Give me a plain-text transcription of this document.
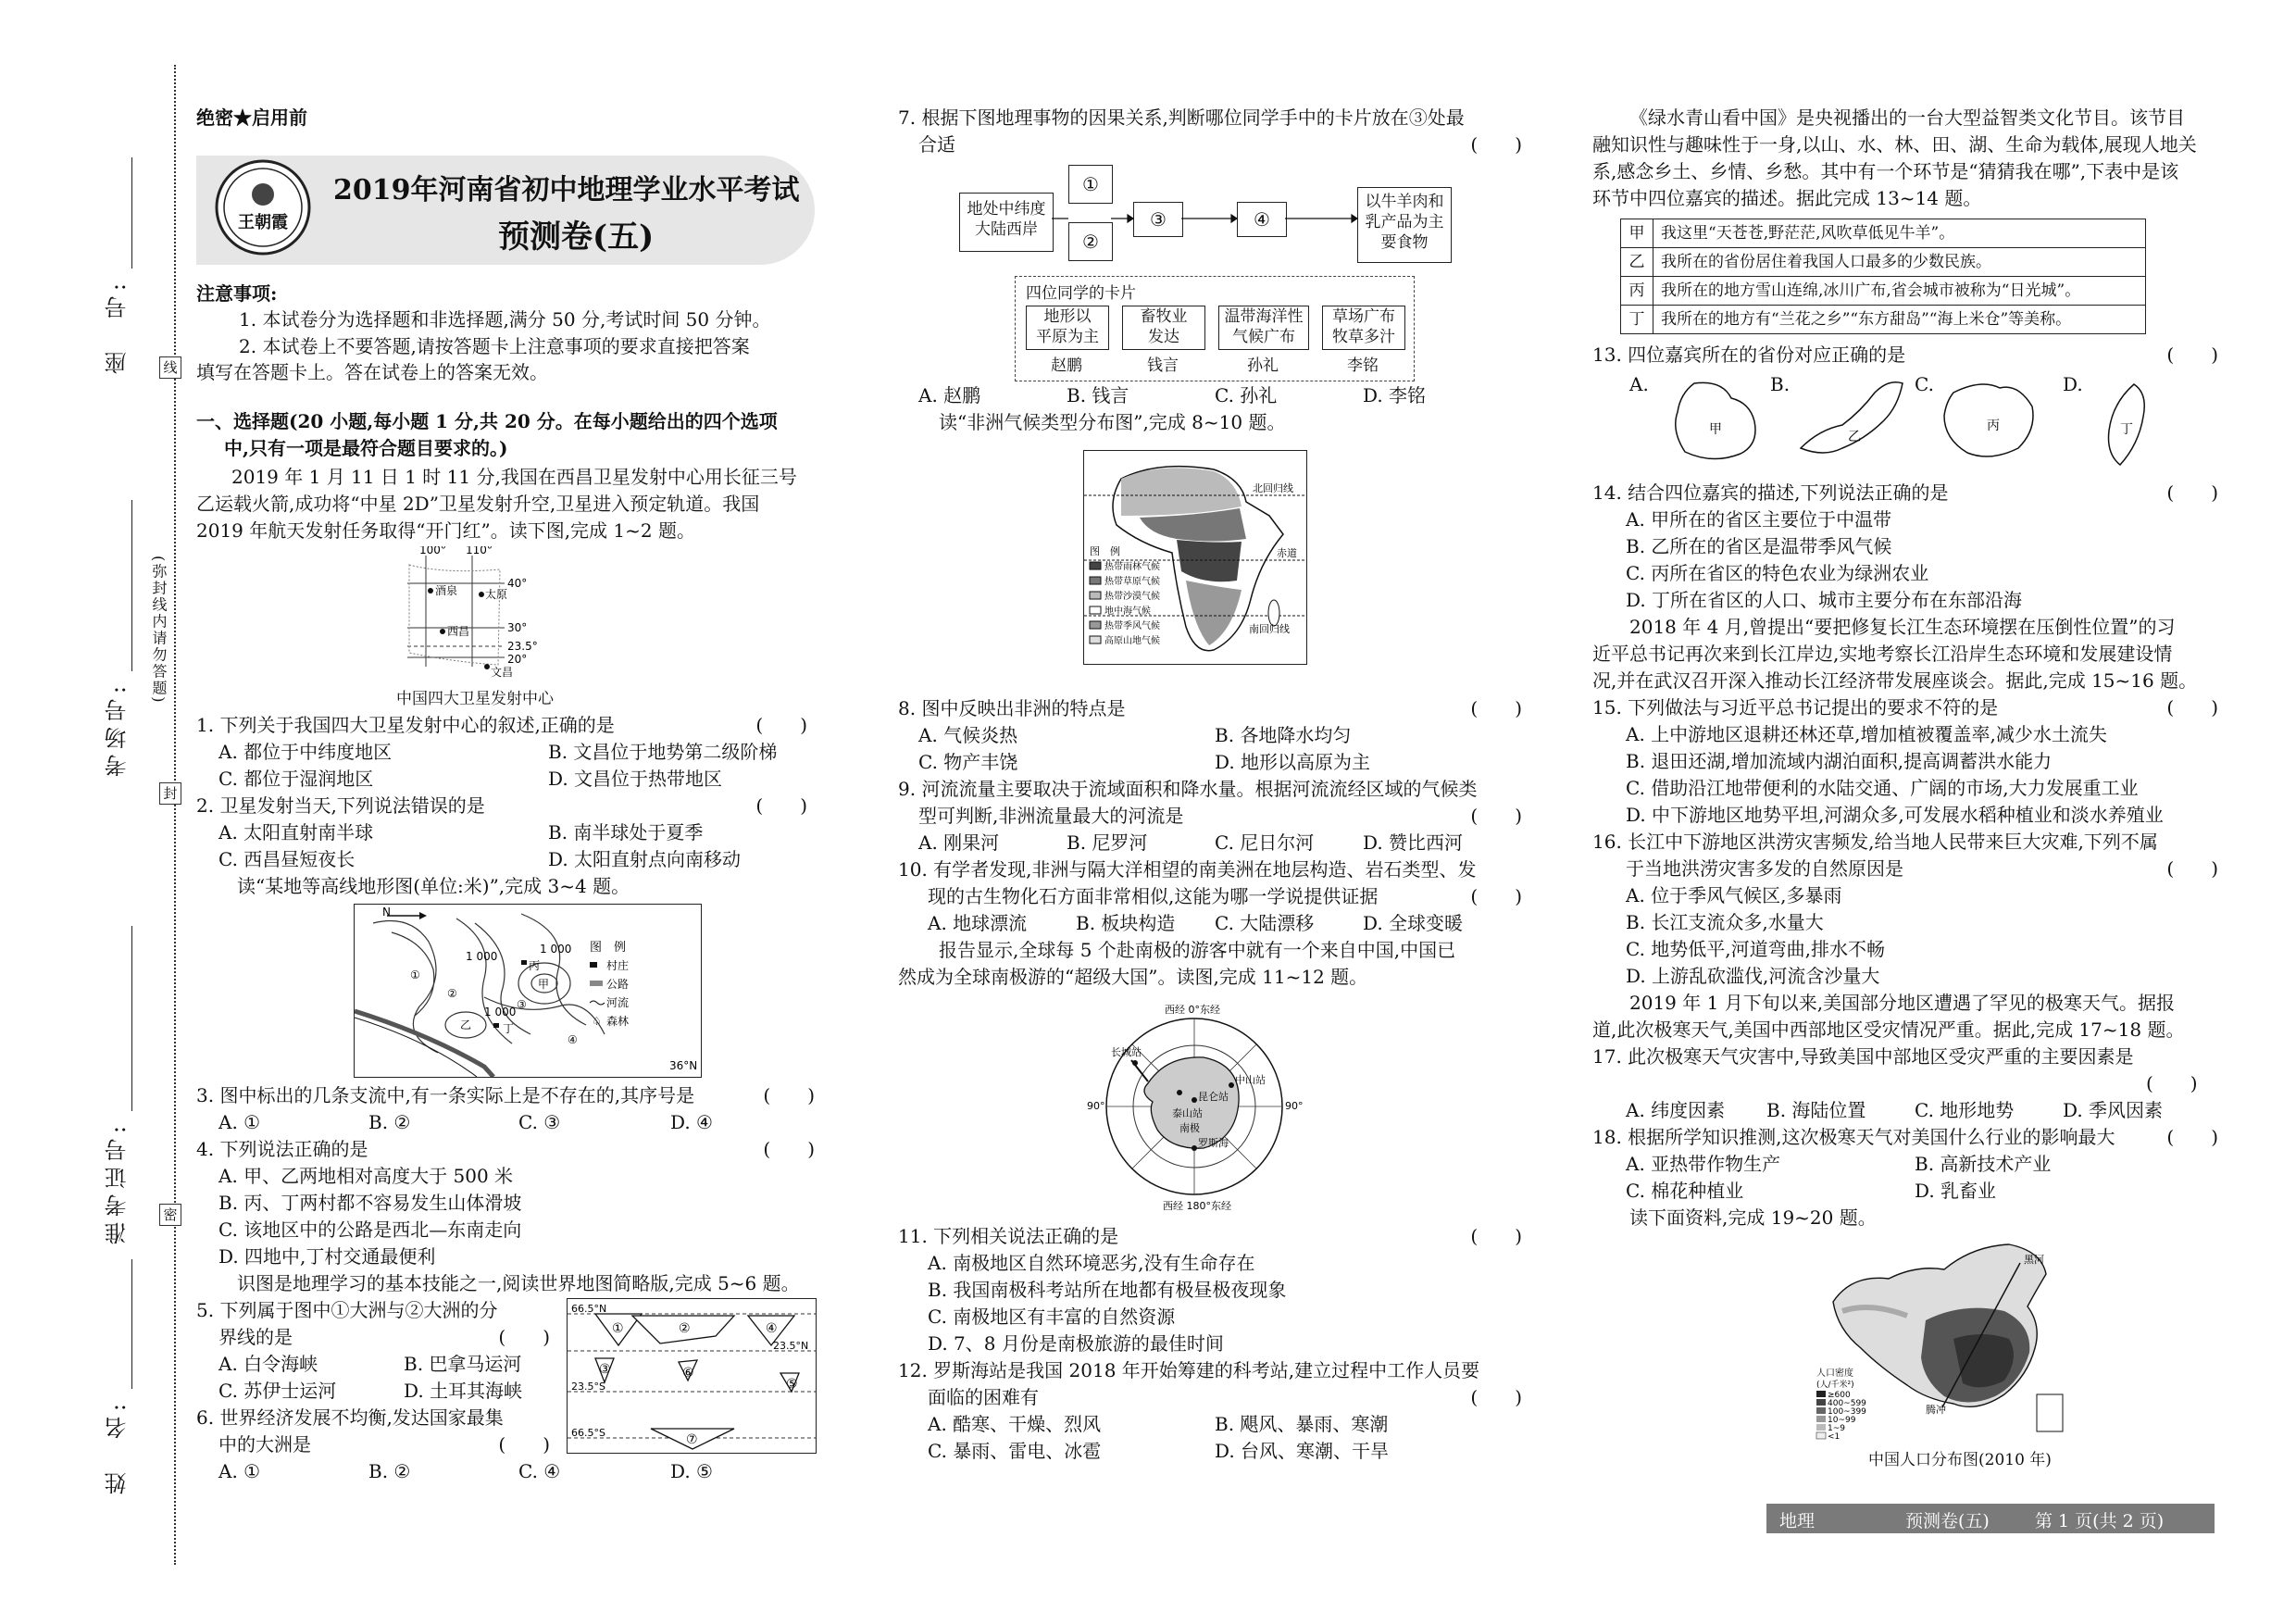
座　号: 线
考场号:
(弥封线内请勿答题)
封
准考证号: 密
姓　名:
绝密★启用前
王朝霞
2019年河南省初中地理学业水平考试
预测卷(五)
注意事项:
1. 本试卷分为选择题和非选择题,满分 50 分,考试时间 50 分钟。
2. 本试卷上不要答题,请按答题卡上注意事项的要求直接把答案
填写在答题卡上。答在试卷上的答案无效。
一、选择题(20 小题,每小题 1 分,共 20 分。在每小题给出的四个选项
中,只有一项是最符合题目要求的。)
2019 年 1 月 11 日 1 时 11 分,我国在西昌卫星发射中心用长征三号
乙运载火箭,成功将“中星 2D”卫星发射升空,卫星进入预定轨道。我国
2019 年航天发射任务取得“开门红”。读下图,完成 1~2 题。
100° 110°
40°
30°
23.5°
20°
酒泉 太原
西昌
文昌
中国四大卫星发射中心
1. 下列关于我国四大卫星发射中心的叙述,正确的是	(　　)
A. 都位于中纬度地区	B. 文昌位于地势第二级阶梯
C. 都位于湿润地区	D. 文昌位于热带地区
2. 卫星发射当天,下列说法错误的是	(　　)
A. 太阳直射南半球	B. 南半球处于夏季
C. 西昌昼短夜长	D. 太阳直射点向南移动
读“某地等高线地形图(单位:米)”,完成 3~4 题。
N
图　例
村庄
公路
河流
♤ 森林
1 000
1 000
1 000
36°N
①
②
③
④
甲
乙
丙
丁
3. 图中标出的几条支流中,有一条实际上是不存在的,其序号是	(　　)
A. ①	B. ②	C. ③	D. ④
4. 下列说法正确的是	(　　)
A. 甲、乙两地相对高度大于 500 米
B. 丙、丁两村都不容易发生山体滑坡
C. 该地区中的公路是西北—东南走向
D. 四地中,丁村交通最便利
识图是地理学习的基本技能之一,阅读世界地图简略版,完成 5~6 题。
5. 下列属于图中①大洲与②大洲的分
界线的是	(　　)
A. 白令海峡	B. 巴拿马运河
C. 苏伊士运河	D. 土耳其海峡
6. 世界经济发展不均衡,发达国家最集
中的大洲是	(　　)
A. ①	B. ②	C. ④	D. ⑤
66.5°N
23.5°N
23.5°S
66.5°S
①	②
③
④
⑤
⑥
⑦
7. 根据下图地理事物的因果关系,判断哪位同学手中的卡片放在③处最
合适	(　　)
地处中纬度
大陆西岸
①
②
③	④
以牛羊肉和
乳产品为主
要食物
四位同学的卡片
地形以
平原为主
畜牧业
发达
温带海洋性
气候广布
草场广布
牧草多汁
赵鹏	钱言	孙礼	李铭
A. 赵鹏	B. 钱言	C. 孙礼	D. 李铭
读“非洲气候类型分布图”,完成 8~10 题。
北回归线
赤道
南回归线
图　例
热带雨林气候
热带草原气候
热带沙漠气候
地中海气候
热带季风气候
高原山地气候
8. 图中反映出非洲的特点是	(　　)
A. 气候炎热	B. 各地降水均匀
C. 物产丰饶	D. 地形以高原为主
9. 河流流量主要取决于流域面积和降水量。根据河流流经区域的气候类
型可判断,非洲流量最大的河流是	(　　)
A. 刚果河	B. 尼罗河	C. 尼日尔河	D. 赞比西河
10. 有学者发现,非洲与隔大洋相望的南美洲在地层构造、岩石类型、发
现的古生物化石方面非常相似,这能为哪一学说提供证据	(　　)
A. 地球漂流	B. 板块构造 C. 大陆漂移	D. 全球变暖
报告显示,全球每 5 个赴南极的游客中就有一个来自中国,中国已
然成为全球南极游的“超级大国”。读图,完成 11~12 题。
西经 0°东经
长城站
中山站
昆仑站
泰山站
罗斯海
南极
90°	90°
西经 180°东经
11. 下列相关说法正确的是	(　　)
A. 南极地区自然环境恶劣,没有生命存在
B. 我国南极科考站所在地都有极昼极夜现象
C. 南极地区有丰富的自然资源
D. 7、8 月份是南极旅游的最佳时间
12. 罗斯海站是我国 2018 年开始筹建的科考站,建立过程中工作人员要
面临的困难有	(　　)
A. 酷寒、干燥、烈风	B. 飓风、暴雨、寒潮
C. 暴雨、雷电、冰雹	D. 台风、寒潮、干旱
《绿水青山看中国》是央视播出的一台大型益智类文化节目。该节目
融知识性与趣味性于一身,以山、水、林、田、湖、生命为载体,展现人地关
系,感念乡土、乡情、乡愁。其中有一个环节是“猜猜我在哪”,下表中是该
环节中四位嘉宾的描述。据此完成 13~14 题。
甲	我这里“天苍苍,野茫茫,风吹草低见牛羊”。
乙	我所在的省份居住着我国人口最多的少数民族。
丙	我所在的地方雪山连绵,冰川广布,省会城市被称为“日光城”。
丁	我所在的地方有“兰花之乡”“东方甜岛”“海上米仓”等美称。
13. 四位嘉宾所在的省份对应正确的是	(　　)
A.	B.	C.	D.
甲	乙
丙	丁
14. 结合四位嘉宾的描述,下列说法正确的是	(　　)
A. 甲所在的省区主要位于中温带
B. 乙所在的省区是温带季风气候
C. 丙所在省区的特色农业为绿洲农业
D. 丁所在省区的人口、城市主要分布在东部沿海
2018 年 4 月,曾提出“要把修复长江生态环境摆在压倒性位置”的习
近平总书记再次来到长江岸边,实地考察长江沿岸生态环境和发展建设情
况,并在武汉召开深入推动长江经济带发展座谈会。据此,完成 15~16 题。
15. 下列做法与习近平总书记提出的要求不符的是	(　　)
A. 上中游地区退耕还林还草,增加植被覆盖率,减少水土流失
B. 退田还湖,增加流域内湖泊面积,提高调蓄洪水能力
C. 借助沿江地带便利的水陆交通、广阔的市场,大力发展重工业
D. 中下游地区地势平坦,河湖众多,可发展水稻种植业和淡水养殖业
16. 长江中下游地区洪涝灾害频发,给当地人民带来巨大灾难,下列不属
于当地洪涝灾害多发的自然原因是	(　　)
A. 位于季风气候区,多暴雨
B. 长江支流众多,水量大
C. 地势低平,河道弯曲,排水不畅
D. 上游乱砍滥伐,河流含沙量大
2019 年 1 月下旬以来,美国部分地区遭遇了罕见的极寒天气。据报
道,此次极寒天气,美国中西部地区受灾情况严重。据此,完成 17~18 题。
17. 此次极寒天气灾害中,导致美国中部地区受灾严重的主要因素是
(　　)
A. 纬度因素 B. 海陆位置	C. 地形地势	D. 季风因素
18. 根据所学知识推测,这次极寒天气对美国什么行业的影响最大	(　　)
A. 亚热带作物生产	B. 高新技术产业
C. 棉花种植业	D. 乳畜业
读下面资料,完成 19~20 题。
黑河
腾冲
人口密度
(人/千米²)
≥600
400~599
100~399
10~99
1~9
<1
中国人口分布图(2010 年)
地理	预测卷(五)	第 1 页(共 2 页)
